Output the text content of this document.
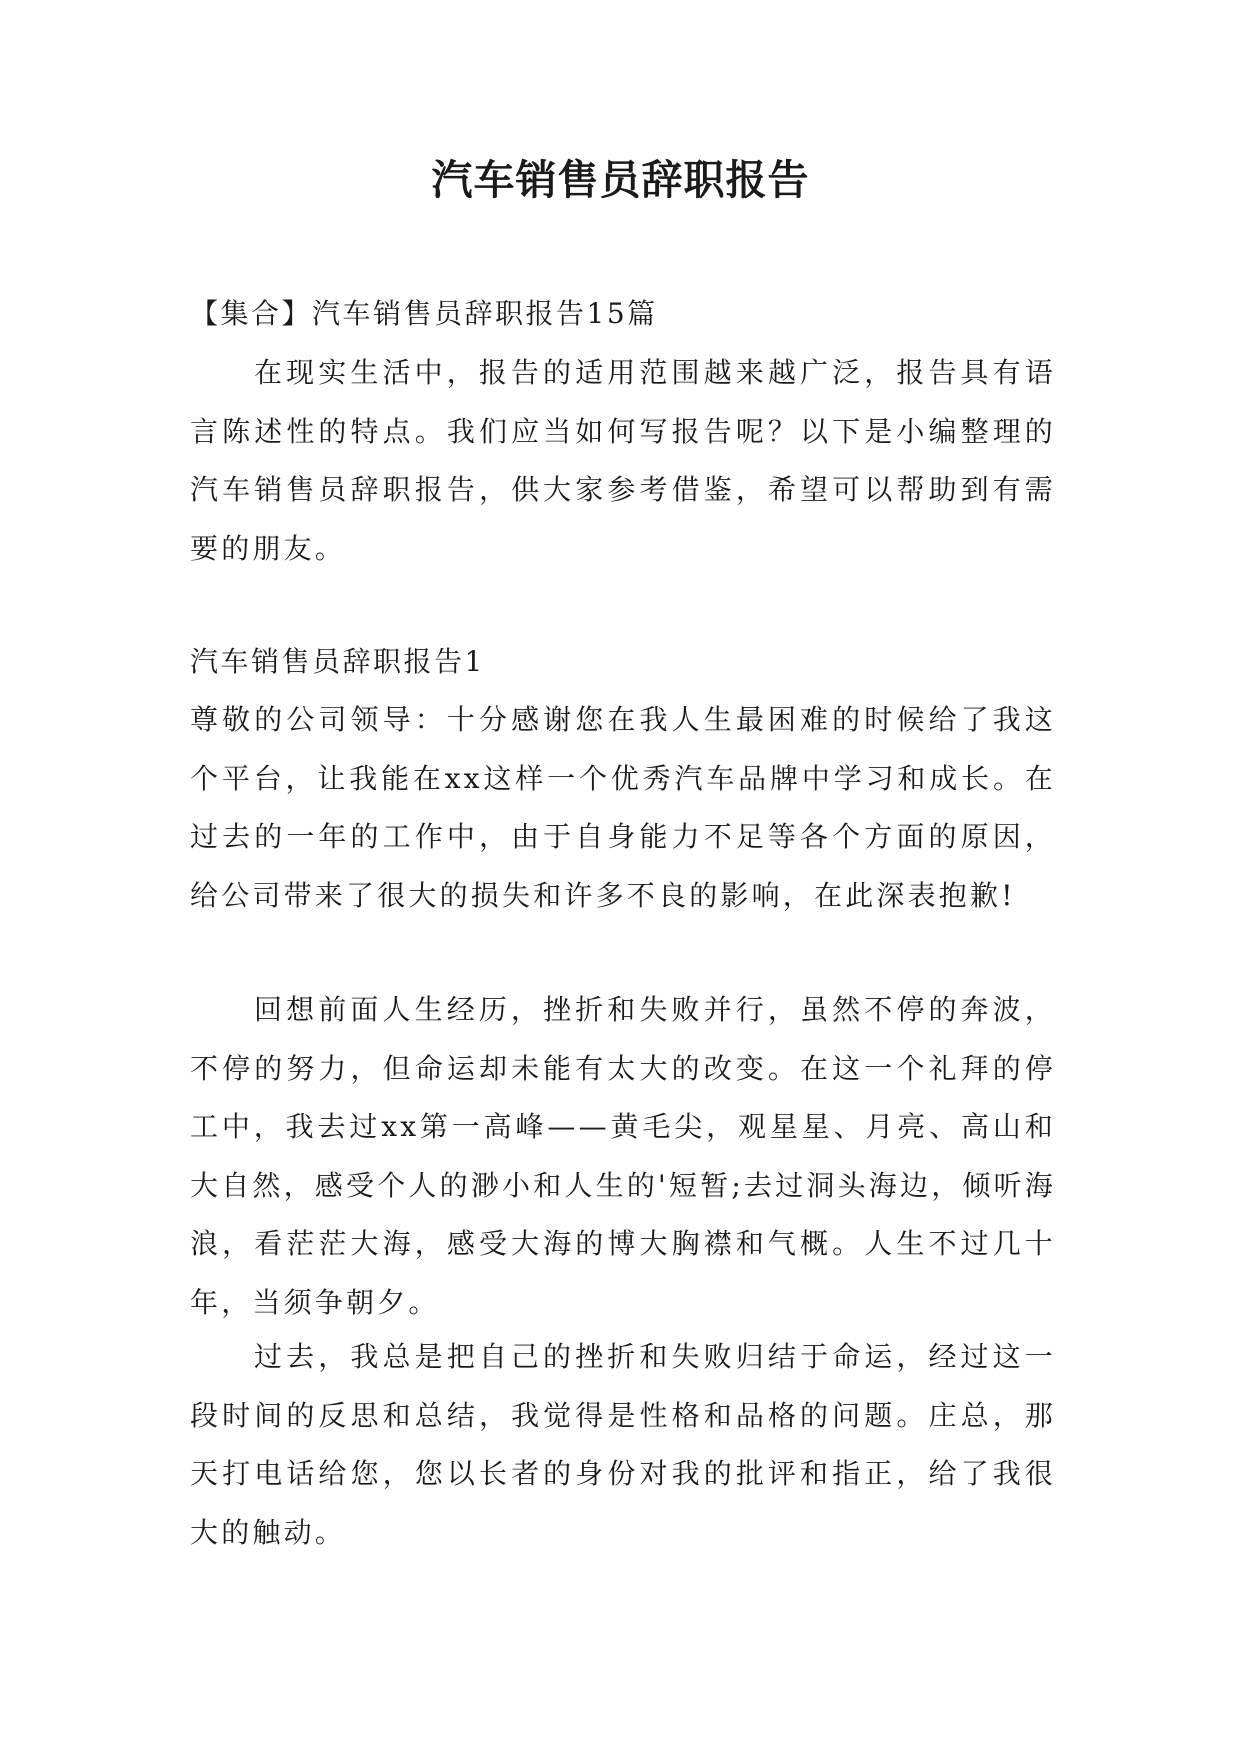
汽车销售员辞职报告

【集合】汽车销售员辞职报告15篇

在现实生活中，报告的适用范围越来越广泛，报告具有语言陈述性的特点。我们应当如何写报告呢？以下是小编整理的汽车销售员辞职报告，供大家参考借鉴，希望可以帮助到有需要的朋友。

汽车销售员辞职报告1

尊敬的公司领导：十分感谢您在我人生最困难的时候给了我这个平台，让我能在xx这样一个优秀汽车品牌中学习和成长。在过去的一年的工作中，由于自身能力不足等各个方面的原因，给公司带来了很大的损失和许多不良的影响，在此深表抱歉!

回想前面人生经历，挫折和失败并行，虽然不停的奔波，不停的努力，但命运却未能有太大的改变。在这一个礼拜的停工中，我去过xx第一高峰——黄毛尖，观星星、月亮、高山和大自然，感受个人的渺小和人生的'短暂;去过洞头海边，倾听海浪，看茫茫大海，感受大海的博大胸襟和气概。人生不过几十年，当须争朝夕。

过去，我总是把自己的挫折和失败归结于命运，经过这一段时间的反思和总结，我觉得是性格和品格的问题。庄总，那天打电话给您，您以长者的身份对我的批评和指正，给了我很大的触动。
